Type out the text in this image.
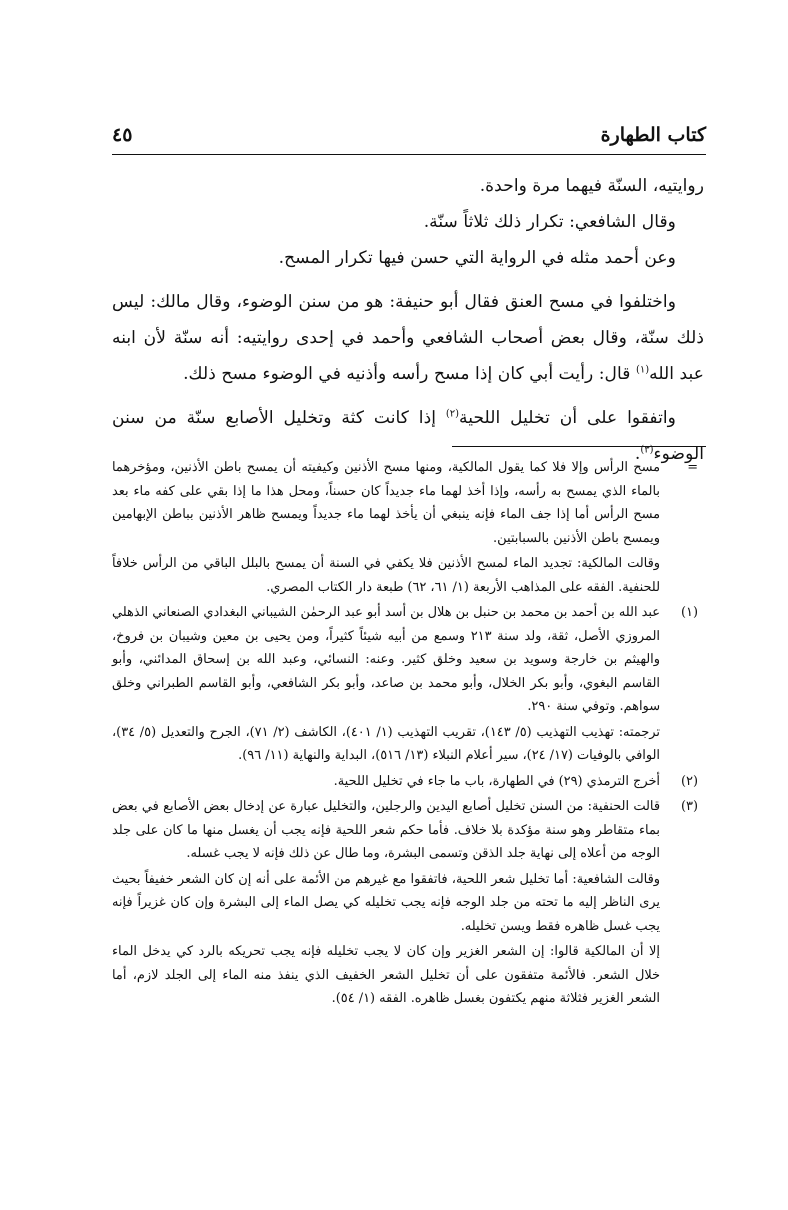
كتاب الطهارة
٤٥

روايتيه، السنّة فيهما مرة واحدة.

وقال الشافعي: تكرار ذلك ثلاثاً سنّة.

وعن أحمد مثله في الرواية التي حسن فيها تكرار المسح.

واختلفوا في مسح العنق فقال أبو حنيفة: هو من سنن الوضوء، وقال مالك: ليس ذلك سنّة، وقال بعض أصحاب الشافعي وأحمد في إحدى روايتيه: أنه سنّة لأن ابنه عبد الله$^{(١)}$ قال: رأيت أبي كان إذا مسح رأسه وأذنيه في الوضوء مسح ذلك.

واتفقوا على أن تخليل اللحية$^{(٢)}$ إذا كانت كثة وتخليل الأصابع سنّة من سنن الوضوء$^{(٣)}$.

=

مسح الرأس وإلا فلا كما يقول المالكية، ومنها مسح الأذنين وكيفيته أن يمسح باطن الأذنين، ومؤخرهما بالماء الذي يمسح به رأسه، وإذا أخذ لهما ماء جديداً كان حسناً، ومحل هذا ما إذا بقي على كفه ماء بعد مسح الرأس أما إذا جف الماء فإنه ينبغي أن يأخذ لهما ماء جديداً ويمسح ظاهر الأذنين بباطن الإبهامين ويمسح باطن الأذنين بالسبابتين.

وقالت المالكية: تجديد الماء لمسح الأذنين فلا يكفي في السنة أن يمسح بالبلل الباقي من الرأس خلافاً للحنفية. الفقه على المذاهب الأربعة (١/ ٦١، ٦٢) طبعة دار الكتاب المصري.

(١)

عبد الله بن أحمد بن محمد بن حنبل بن هلال بن أسد أبو عبد الرحمٰن الشيباني البغدادي الصنعاني الذهلي المروزي الأصل، ثقة، ولد سنة ٢١٣ وسمع من أبيه شيئاً كثيراً، ومن يحيى بن معين وشيبان بن فروخ، والهيثم بن خارجة وسويد بن سعيد وخلق كثير. وعنه: النسائي، وعبد الله بن إسحاق المدائني، وأبو القاسم البغوي، وأبو بكر الخلال، وأبو محمد بن صاعد، وأبو بكر الشافعي، وأبو القاسم الطبراني وخلق سواهم. وتوفي سنة ٢٩٠.

ترجمته: تهذيب التهذيب (٥/ ١٤٣)، تقريب التهذيب (١/ ٤٠١)، الكاشف (٢/ ٧١)، الجرح والتعديل (٥/ ٣٤)، الوافي بالوفيات (١٧/ ٢٤)، سير أعلام النبلاء (١٣/ ٥١٦)، البداية والنهاية (١١/ ٩٦).

(٢)

أخرج الترمذي (٢٩) في الطهارة، باب ما جاء في تخليل اللحية.

(٣)

قالت الحنفية: من السنن تخليل أصابع اليدين والرجلين، والتخليل عبارة عن إدخال بعض الأصابع في بعض بماء متقاطر وهو سنة مؤكدة بلا خلاف. فأما حكم شعر اللحية فإنه يجب أن يغسل منها ما كان على جلد الوجه من أعلاه إلى نهاية جلد الذقن وتسمى البشرة، وما طال عن ذلك فإنه لا يجب غسله.

وقالت الشافعية: أما تخليل شعر اللحية، فاتفقوا مع غيرهم من الأئمة على أنه إن كان الشعر خفيفاً بحيث يرى الناظر إليه ما تحته من جلد الوجه فإنه يجب تخليله كي يصل الماء إلى البشرة وإن كان غزيراً فإنه يجب غسل ظاهره فقط ويسن تخليله.

إلا أن المالكية قالوا: إن الشعر الغزير وإن كان لا يجب تخليله فإنه يجب تحريكه بالرد كي يدخل الماء خلال الشعر. فالأئمة متفقون على أن تخليل الشعر الخفيف الذي ينفذ منه الماء إلى الجلد لازم، أما الشعر الغزير فثلاثة منهم يكتفون بغسل ظاهره. الفقه (١/ ٥٤).
